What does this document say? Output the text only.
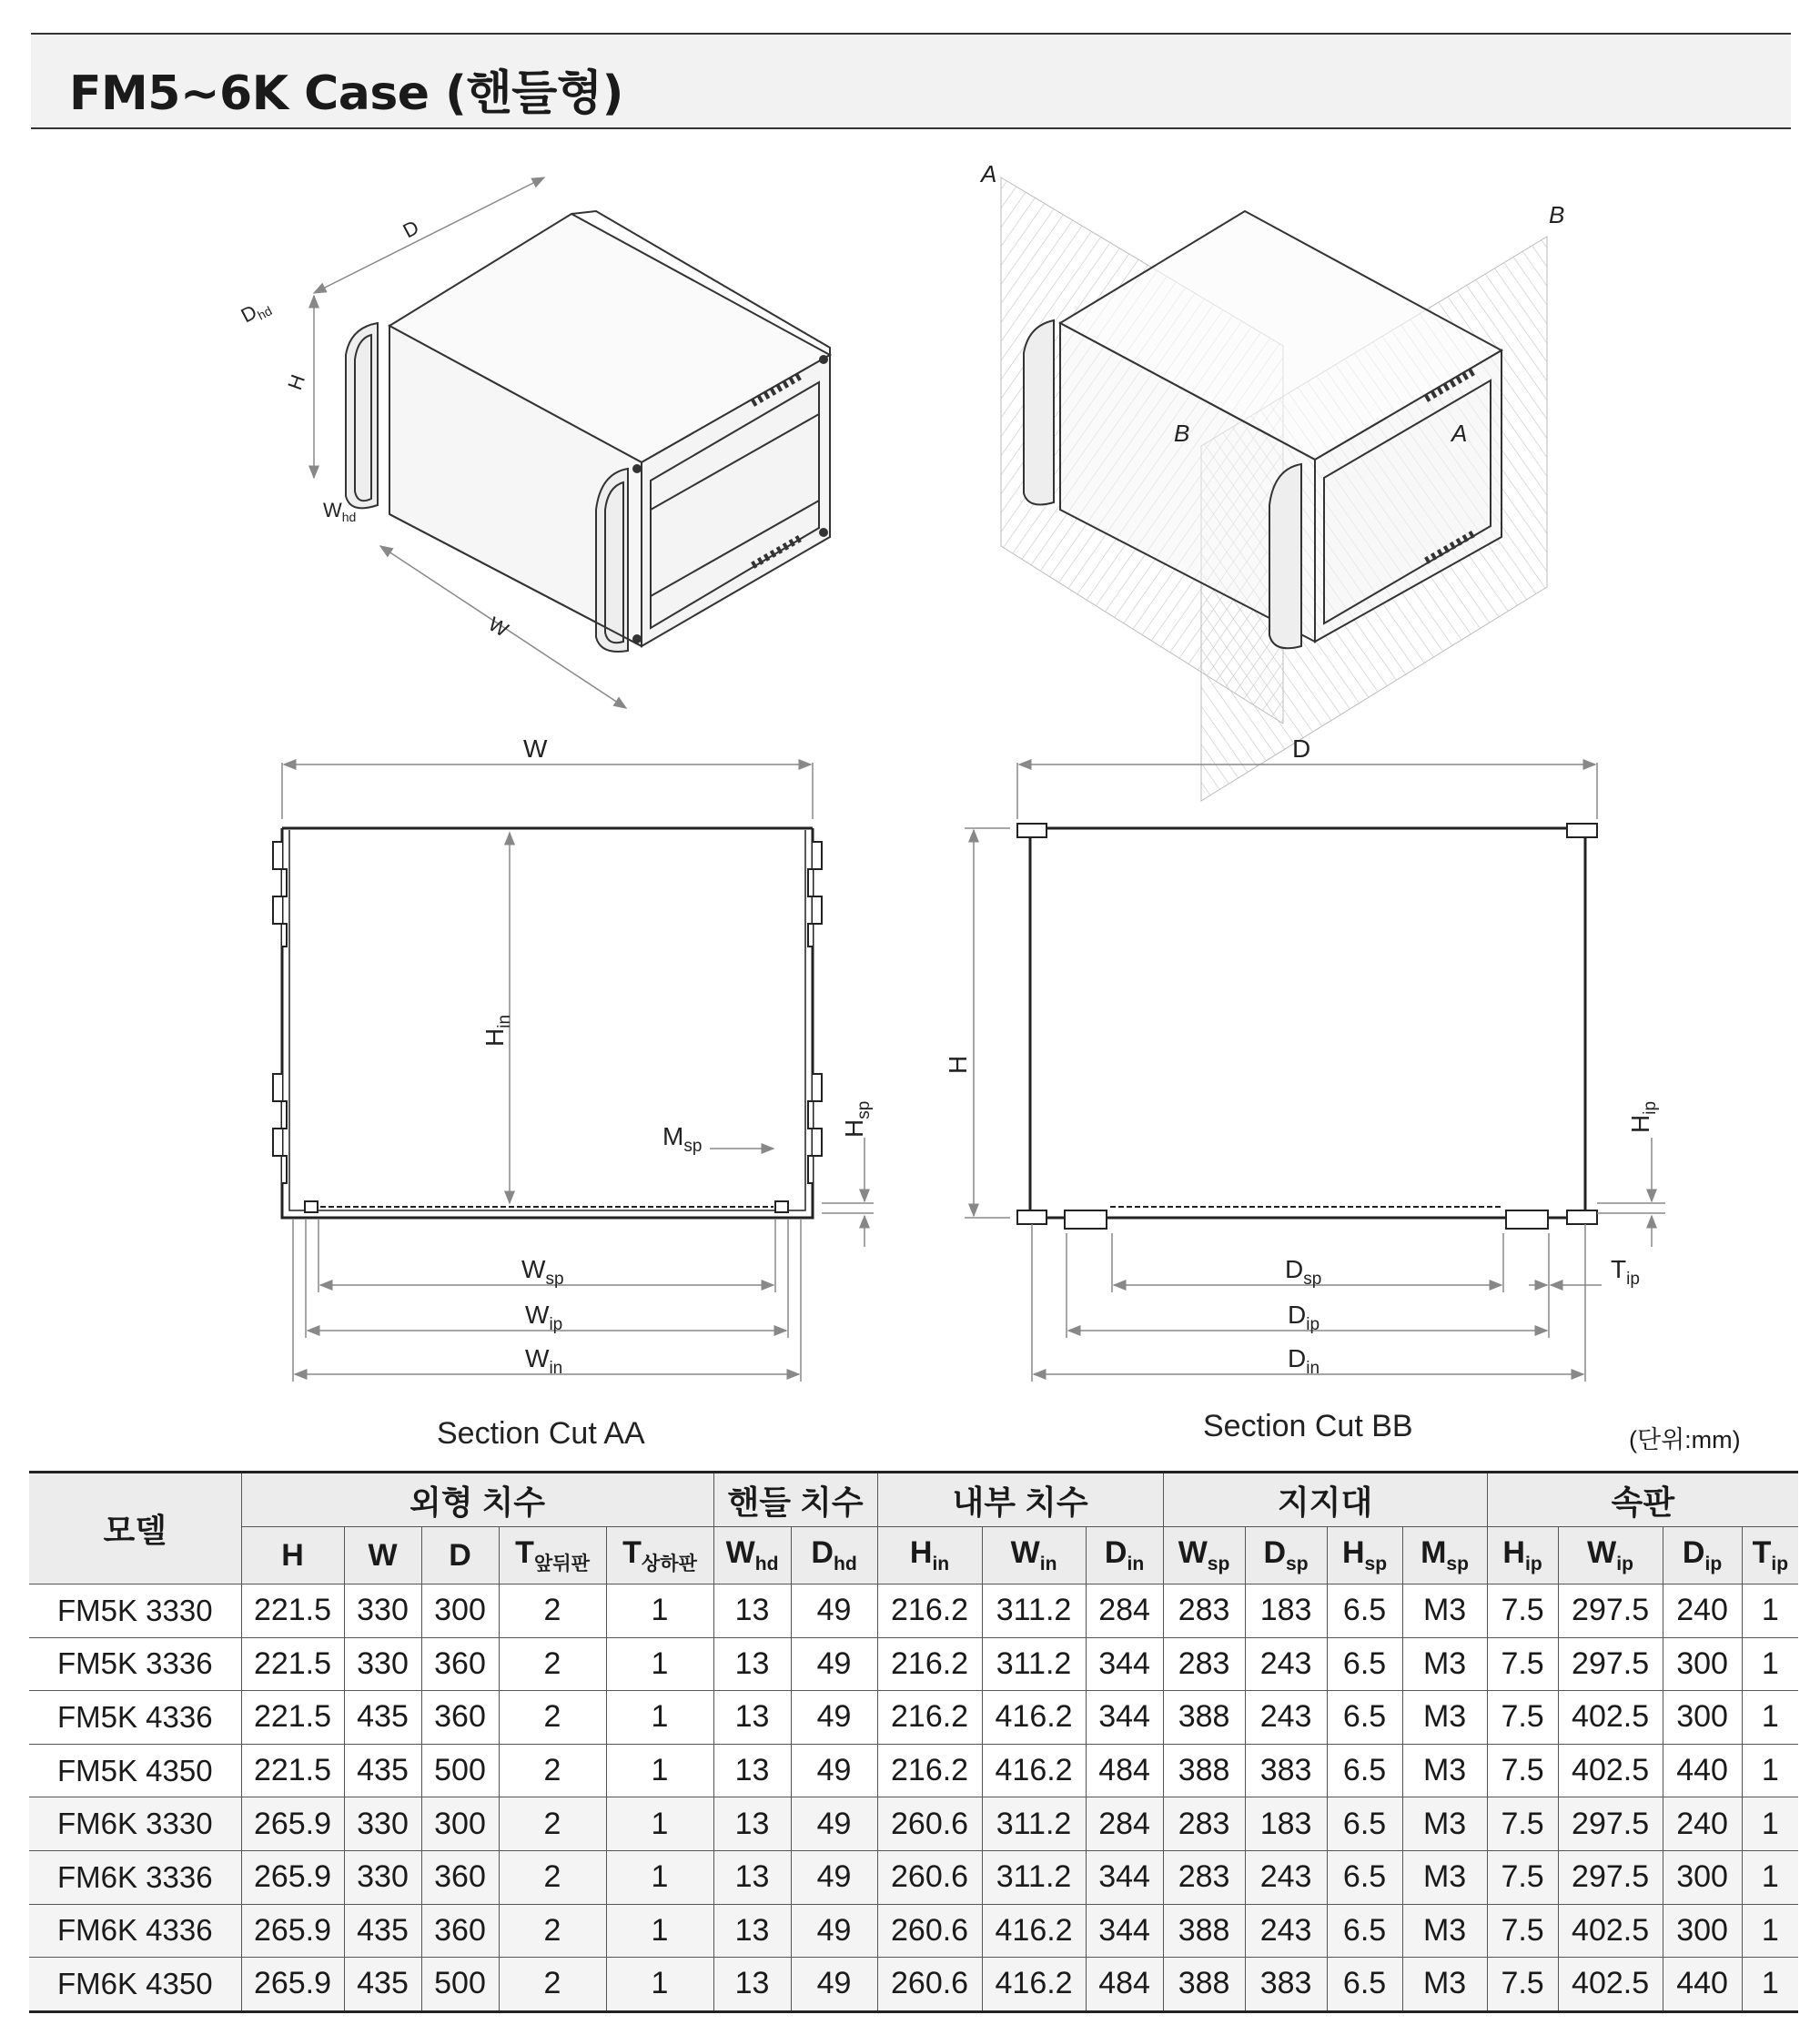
FM5~6K Case (핸들형)
D
$D_{hd}$
H
$W_{hd}$
W
A
B
B	A
W
$H_{in}$
$M_{sp}$
$H_{sp}$
$W_{sp}$
$W_{ip}$
$W_{in}$
D
H
$H_{ip}$
$T_{ip}$
$D_{sp}$
$D_{ip}$
$D_{in}$
Section Cut AA	Section Cut BB	(단위:mm)
모델	외형 치수					핸들 치수		내부 치수			지지대				속판			
	H	W	D	$T_{앞뒤판}$	$T_{상하판}$	$W_{hd}$	$D_{hd}$	$H_{in}$	$W_{in}$	$D_{in}$	$W_{sp}$	$D_{sp}$	$H_{sp}$	$M_{sp}$	$H_{ip}$	$W_{ip}$	$D_{ip}$	$T_{ip}$
FM5K 3330	221.5	330	300	2	1	13	49	216.2	311.2	284	283	183	6.5	M3	7.5	297.5	240	1
FM5K 3336	221.5	330	360	2	1	13	49	216.2	311.2	344	283	243	6.5	M3	7.5	297.5	300	1
FM5K 4336	221.5	435	360	2	1	13	49	216.2	416.2	344	388	243	6.5	M3	7.5	402.5	300	1
FM5K 4350	221.5	435	500	2	1	13	49	216.2	416.2	484	388	383	6.5	M3	7.5	402.5	440	1
FM6K 3330	265.9	330	300	2	1	13	49	260.6	311.2	284	283	183	6.5	M3	7.5	297.5	240	1
FM6K 3336	265.9	330	360	2	1	13	49	260.6	311.2	344	283	243	6.5	M3	7.5	297.5	300	1
FM6K 4336	265.9	435	360	2	1	13	49	260.6	416.2	344	388	243	6.5	M3	7.5	402.5	300	1
FM6K 4350	265.9	435	500	2	1	13	49	260.6	416.2	484	388	383	6.5	M3	7.5	402.5	440	1
